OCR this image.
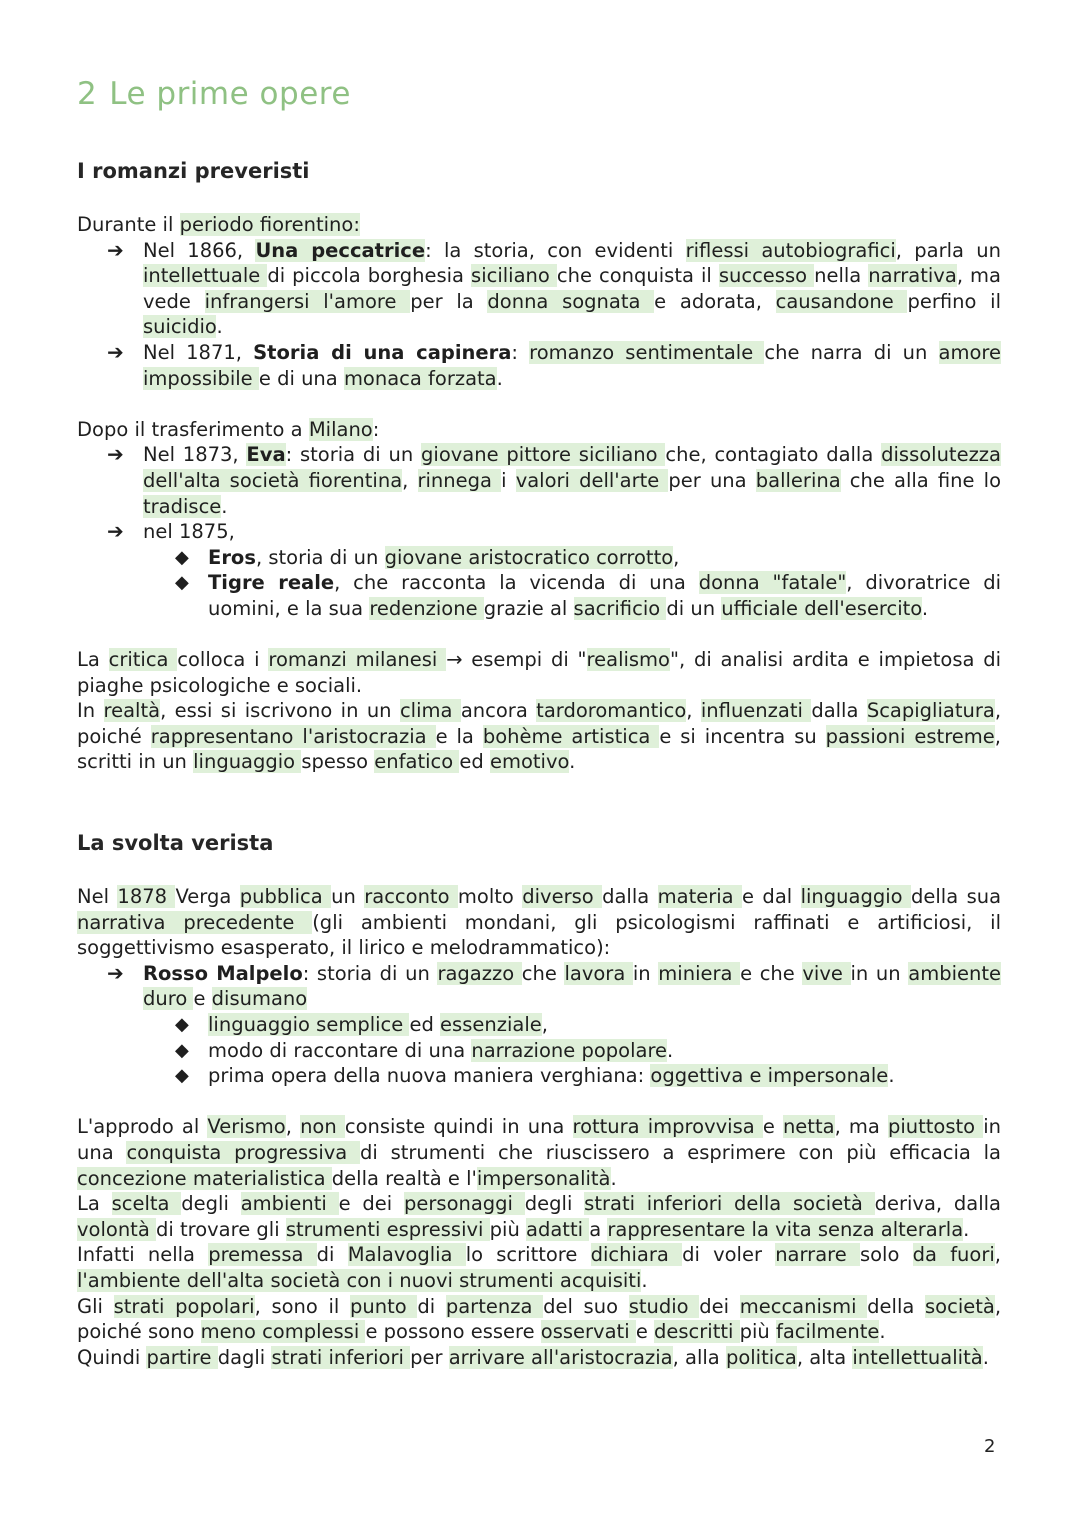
2 Le prime opere
I romanzi preveristi

Durante il periodo fiorentino:

➔ Nel 1866, Una peccatrice: la storia, con evidenti riflessi autobiografici, parla un intellettuale di piccola borghesia siciliano che conquista il successo nella narrativa, ma vede infrangersi l'amore per la donna sognata e adorata, causandone perfino il suicidio.
➔ Nel 1871, Storia di una capinera: romanzo sentimentale che narra di un amore impossibile e di una monaca forzata.

Dopo il trasferimento a Milano:

➔ Nel 1873, Eva: storia di un giovane pittore siciliano che, contagiato dalla dissolutezza dell'alta società fiorentina, rinnega i valori dell'arte per una ballerina che alla fine lo tradisce.
➔ nel 1875,
◆ Eros, storia di un giovane aristocratico corrotto,
◆ Tigre reale, che racconta la vicenda di una donna "fatale", divoratrice di uomini, e la sua redenzione grazie al sacrificio di un ufficiale dell'esercito.

La critica colloca i romanzi milanesi → esempi di "realismo", di analisi ardita e impietosa di piaghe psicologiche e sociali.

In realtà, essi si iscrivono in un clima ancora tardoromantico, influenzati dalla Scapigliatura, poiché rappresentano l'aristocrazia e la bohème artistica e si incentra su passioni estreme, scritti in un linguaggio spesso enfatico ed emotivo.

La svolta verista

Nel 1878 Verga pubblica un racconto molto diverso dalla materia e dal linguaggio della sua narrativa precedente (gli ambienti mondani, gli psicologismi raffinati e artificiosi, il soggettivismo esasperato, il lirico e melodrammatico):

➔ Rosso Malpelo: storia di un ragazzo che lavora in miniera e che vive in un ambiente duro e disumano
◆ linguaggio semplice ed essenziale,
◆ modo di raccontare di una narrazione popolare.
◆ prima opera della nuova maniera verghiana: oggettiva e impersonale.

L'approdo al Verismo, non consiste quindi in una rottura improvvisa e netta, ma piuttosto in una conquista progressiva di strumenti che riuscissero a esprimere con più efficacia la concezione materialistica della realtà e l'impersonalità.

La scelta degli ambienti e dei personaggi degli strati inferiori della società deriva, dalla volontà di trovare gli strumenti espressivi più adatti a rappresentare la vita senza alterarla.

Infatti nella premessa di Malavoglia lo scrittore dichiara di voler narrare solo da fuori, l'ambiente dell'alta società con i nuovi strumenti acquisiti.

Gli strati popolari, sono il punto di partenza del suo studio dei meccanismi della società, poiché sono meno complessi e possono essere osservati e descritti più facilmente.

Quindi partire dagli strati inferiori per arrivare all'aristocrazia, alla politica, alta intellettualità.

2
